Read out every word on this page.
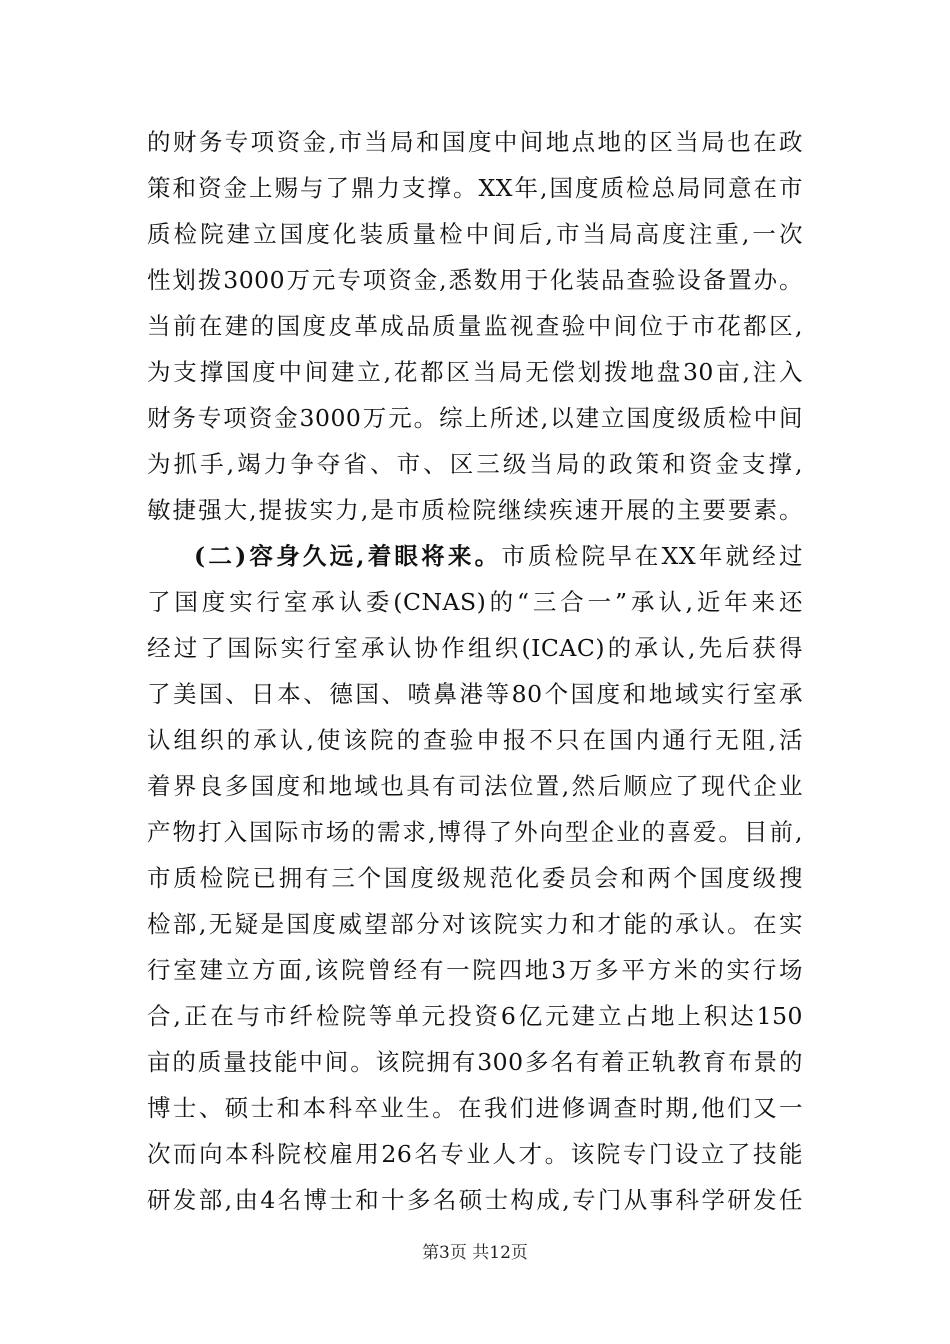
的财务专项资金,市当局和国度中间地点地的区当局也在政
策和资金上赐与了鼎力支撑。XX年,国度质检总局同意在市
质检院建立国度化装质量检中间后,市当局高度注重,一次
性划拨3000万元专项资金,悉数用于化装品查验设备置办。
当前在建的国度皮革成品质量监视查验中间位于市花都区,
为支撑国度中间建立,花都区当局无偿划拨地盘30亩,注入
财务专项资金3000万元。综上所述,以建立国度级质检中间
为抓手,竭力争夺省、市、区三级当局的政策和资金支撑,
敏捷强大,提拔实力,是市质检院继续疾速开展的主要要素。
(二)容身久远,着眼将来。市质检院早在XX年就经过
了国度实行室承认委(CNAS)的“三合一”承认,近年来还
经过了国际实行室承认协作组织(ICAC)的承认,先后获得
了美国、日本、德国、喷鼻港等80个国度和地域实行室承
认组织的承认,使该院的查验申报不只在国内通行无阻,活
着界良多国度和地域也具有司法位置,然后顺应了现代企业
产物打入国际市场的需求,博得了外向型企业的喜爱。目前,
市质检院已拥有三个国度级规范化委员会和两个国度级搜
检部,无疑是国度威望部分对该院实力和才能的承认。在实
行室建立方面,该院曾经有一院四地3万多平方米的实行场
合,正在与市纤检院等单元投资6亿元建立占地上积达150
亩的质量技能中间。该院拥有300多名有着正轨教育布景的
博士、硕士和本科卒业生。在我们进修调查时期,他们又一
次而向本科院校雇用26名专业人才。该院专门设立了技能
研发部,由4名博士和十多名硕士构成,专门从事科学研发任
第3页 共12页
